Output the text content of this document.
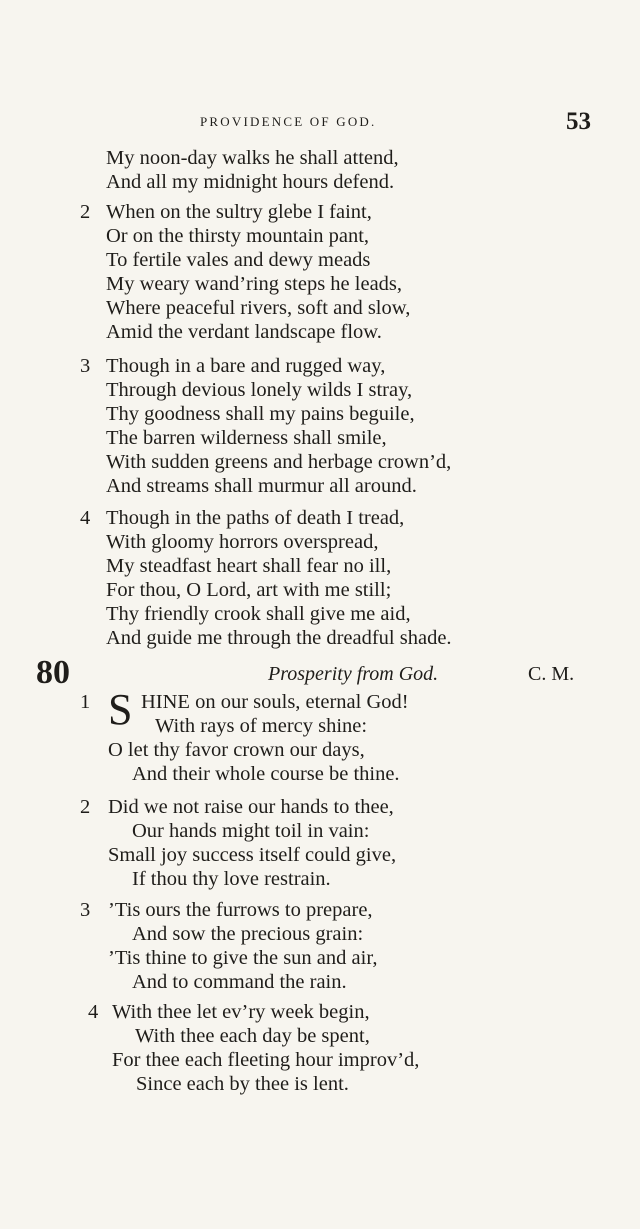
PROVIDENCE OF GOD.	53
My noon-day walks he shall attend,
And all my midnight hours defend.
2 When on the sultry glebe I faint,
Or on the thirsty mountain pant,
To fertile vales and dewy meads
My weary wand’ring steps he leads,
Where peaceful rivers, soft and slow,
Amid the verdant landscape flow.
3 Though in a bare and rugged way,
Through devious lonely wilds I stray,
Thy goodness shall my pains beguile,
The barren wilderness shall smile,
With sudden greens and herbage crown’d,
And streams shall murmur all around.
4 Though in the paths of death I tread,
With gloomy horrors overspread,
My steadfast heart shall fear no ill,
For thou, O Lord, art with me still;
Thy friendly crook shall give me aid,
And guide me through the dreadful shade.
80	Prosperity from God.	C. M.
S
1 HINE on our souls, eternal God!
With rays of mercy shine:
O let thy favor crown our days,
And their whole course be thine.
2 Did we not raise our hands to thee,
Our hands might toil in vain:
Small joy success itself could give,
If thou thy love restrain.
3 ’Tis ours the furrows to prepare,
And sow the precious grain:
’Tis thine to give the sun and air,
And to command the rain.
4 With thee let ev’ry week begin,
With thee each day be spent,
For thee each fleeting hour improv’d,
Since each by thee is lent.
